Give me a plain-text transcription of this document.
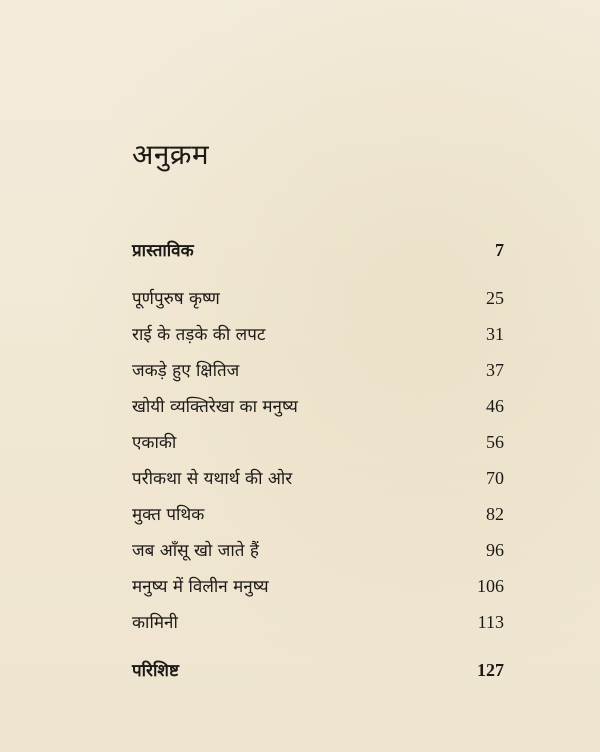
अनुक्रम
प्रास्ताविक	7
पूर्णपुरुष कृष्ण	25
राई के तड़के की लपट	31
जकड़े हुए क्षितिज	37
खोयी व्यक्तिरेखा का मनुष्य	46
एकाकी	56
परीकथा से यथार्थ की ओर	70
मुक्त पथिक	82
जब आँसू खो जाते हैं	96
मनुष्य में विलीन मनुष्य	106
कामिनी	113
परिशिष्ट	127
